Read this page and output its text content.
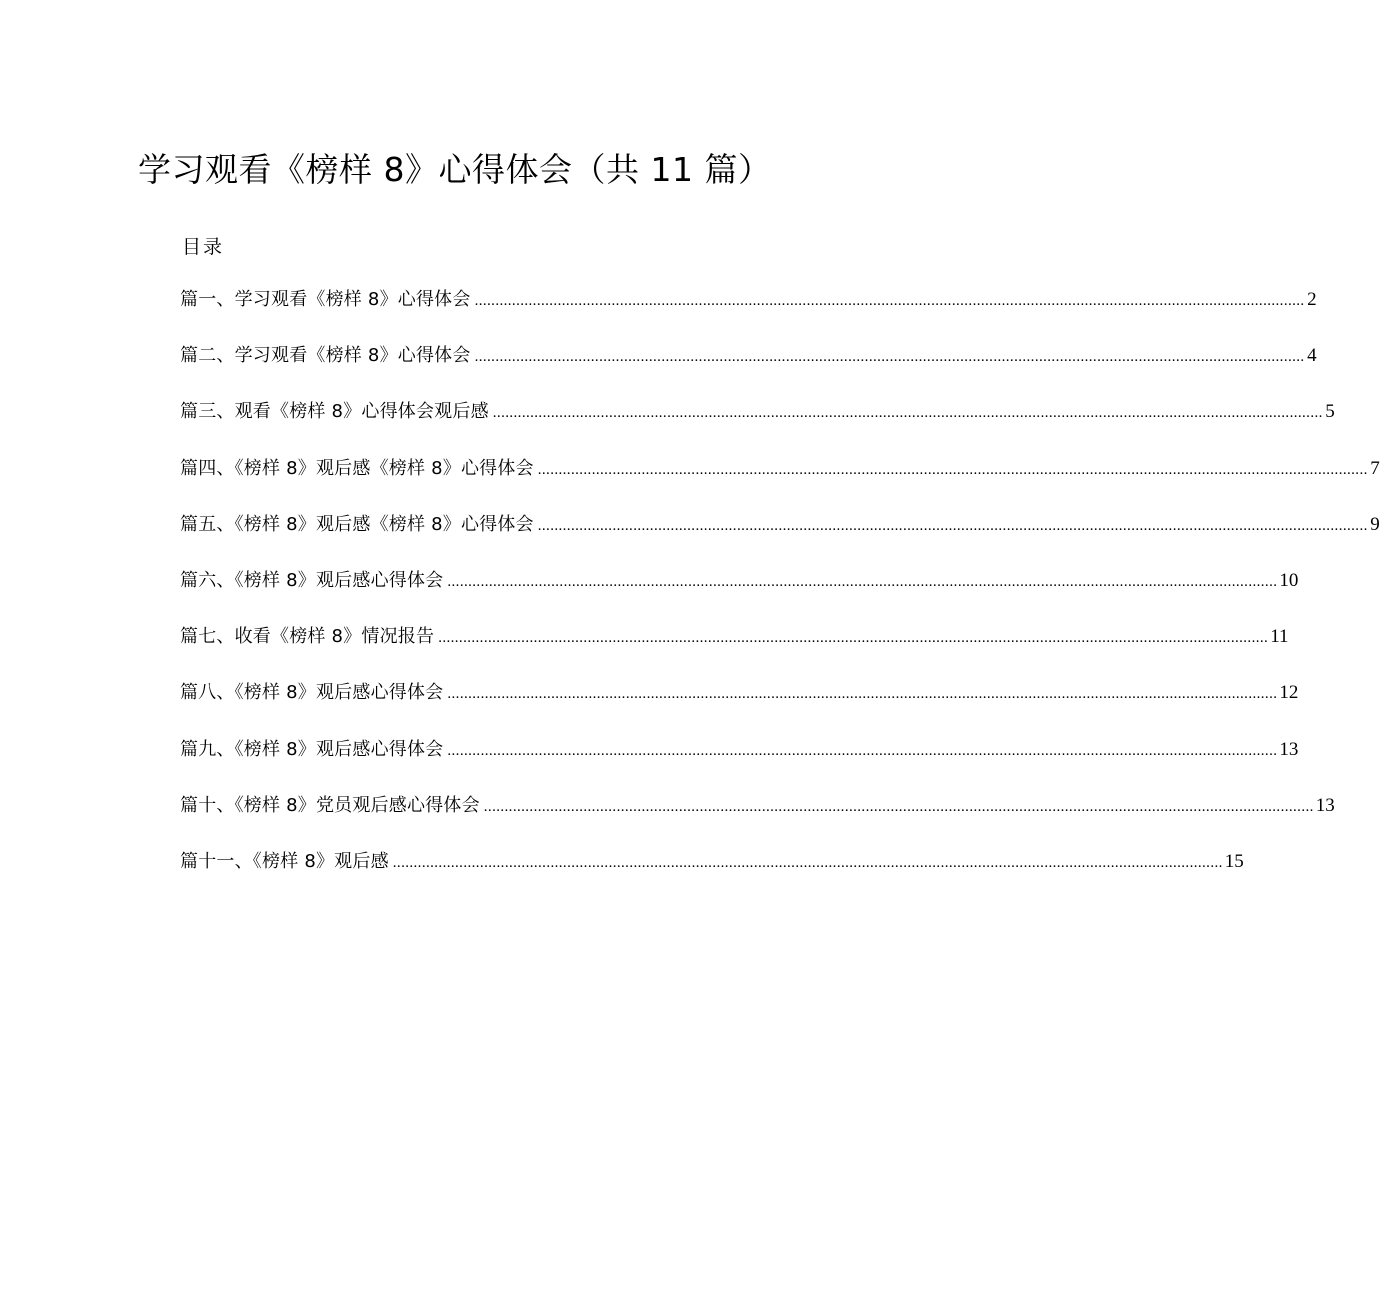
学习观看《榜样 8》心得体会（共 11 篇）
目录
篇一、学习观看《榜样 8》心得体会 ........................................................................................................................................................................................................ 2
篇二、学习观看《榜样 8》心得体会 ........................................................................................................................................................................................................ 4
篇三、观看《榜样 8》心得体会观后感 ........................................................................................................................................................................................................ 5
篇四、《榜样 8》观后感《榜样 8》心得体会 ........................................................................................................................................................................................................ 7
篇五、《榜样 8》观后感《榜样 8》心得体会 ........................................................................................................................................................................................................ 9
篇六、《榜样 8》观后感心得体会 ........................................................................................................................................................................................................ 10
篇七、收看《榜样 8》情况报告 ........................................................................................................................................................................................................ 11
篇八、《榜样 8》观后感心得体会 ........................................................................................................................................................................................................ 12
篇九、《榜样 8》观后感心得体会 ........................................................................................................................................................................................................ 13
篇十、《榜样 8》党员观后感心得体会 ........................................................................................................................................................................................................ 13
篇十一、《榜样 8》观后感 ........................................................................................................................................................................................................ 15
